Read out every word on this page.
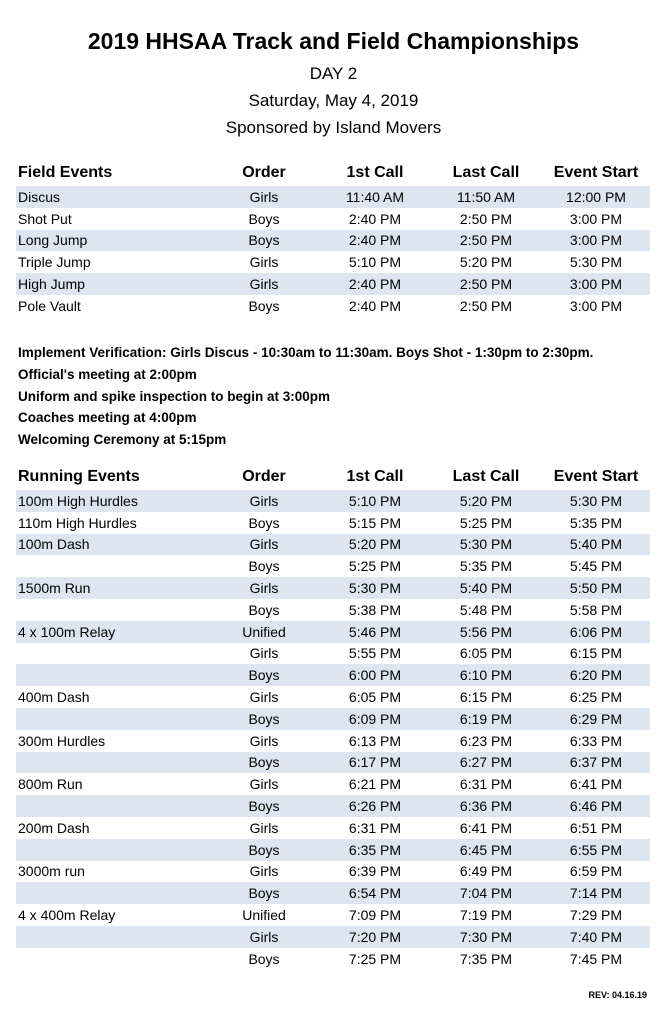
2019 HHSAA Track and Field Championships

DAY 2

Saturday, May 4, 2019

Sponsored by Island Movers

Field Events	Order	1st Call	Last Call	Event Start
Discus	Girls	11:40 AM	11:50 AM	12:00 PM
Shot Put	Boys	2:40 PM	2:50 PM	3:00 PM
Long Jump	Boys	2:40 PM	2:50 PM	3:00 PM
Triple Jump	Girls	5:10 PM	5:20 PM	5:30 PM
High Jump	Girls	2:40 PM	2:50 PM	3:00 PM
Pole Vault	Boys	2:40 PM	2:50 PM	3:00 PM
Implement Verification: Girls Discus - 10:30am to 11:30am. Boys Shot - 1:30pm to 2:30pm.
Official's meeting at 2:00pm
Uniform and spike inspection to begin at 3:00pm
Coaches meeting at 4:00pm
Welcoming Ceremony at 5:15pm
Running Events	Order	1st Call	Last Call	Event Start
100m High Hurdles	Girls	5:10 PM	5:20 PM	5:30 PM
110m High Hurdles	Boys	5:15 PM	5:25 PM	5:35 PM
100m Dash	Girls	5:20 PM	5:30 PM	5:40 PM
Boys	5:25 PM	5:35 PM	5:45 PM
1500m Run	Girls	5:30 PM	5:40 PM	5:50 PM
Boys	5:38 PM	5:48 PM	5:58 PM
4 x 100m Relay	Unified	5:46 PM	5:56 PM	6:06 PM
Girls	5:55 PM	6:05 PM	6:15 PM
Boys	6:00 PM	6:10 PM	6:20 PM
400m Dash	Girls	6:05 PM	6:15 PM	6:25 PM
Boys	6:09 PM	6:19 PM	6:29 PM
300m Hurdles	Girls	6:13 PM	6:23 PM	6:33 PM
Boys	6:17 PM	6:27 PM	6:37 PM
800m Run	Girls	6:21 PM	6:31 PM	6:41 PM
Boys	6:26 PM	6:36 PM	6:46 PM
200m Dash	Girls	6:31 PM	6:41 PM	6:51 PM
Boys	6:35 PM	6:45 PM	6:55 PM
3000m run	Girls	6:39 PM	6:49 PM	6:59 PM
Boys	6:54 PM	7:04 PM	7:14 PM
4 x 400m Relay	Unified	7:09 PM	7:19 PM	7:29 PM
Girls	7:20 PM	7:30 PM	7:40 PM
Boys	7:25 PM	7:35 PM	7:45 PM
REV: 04.16.19
